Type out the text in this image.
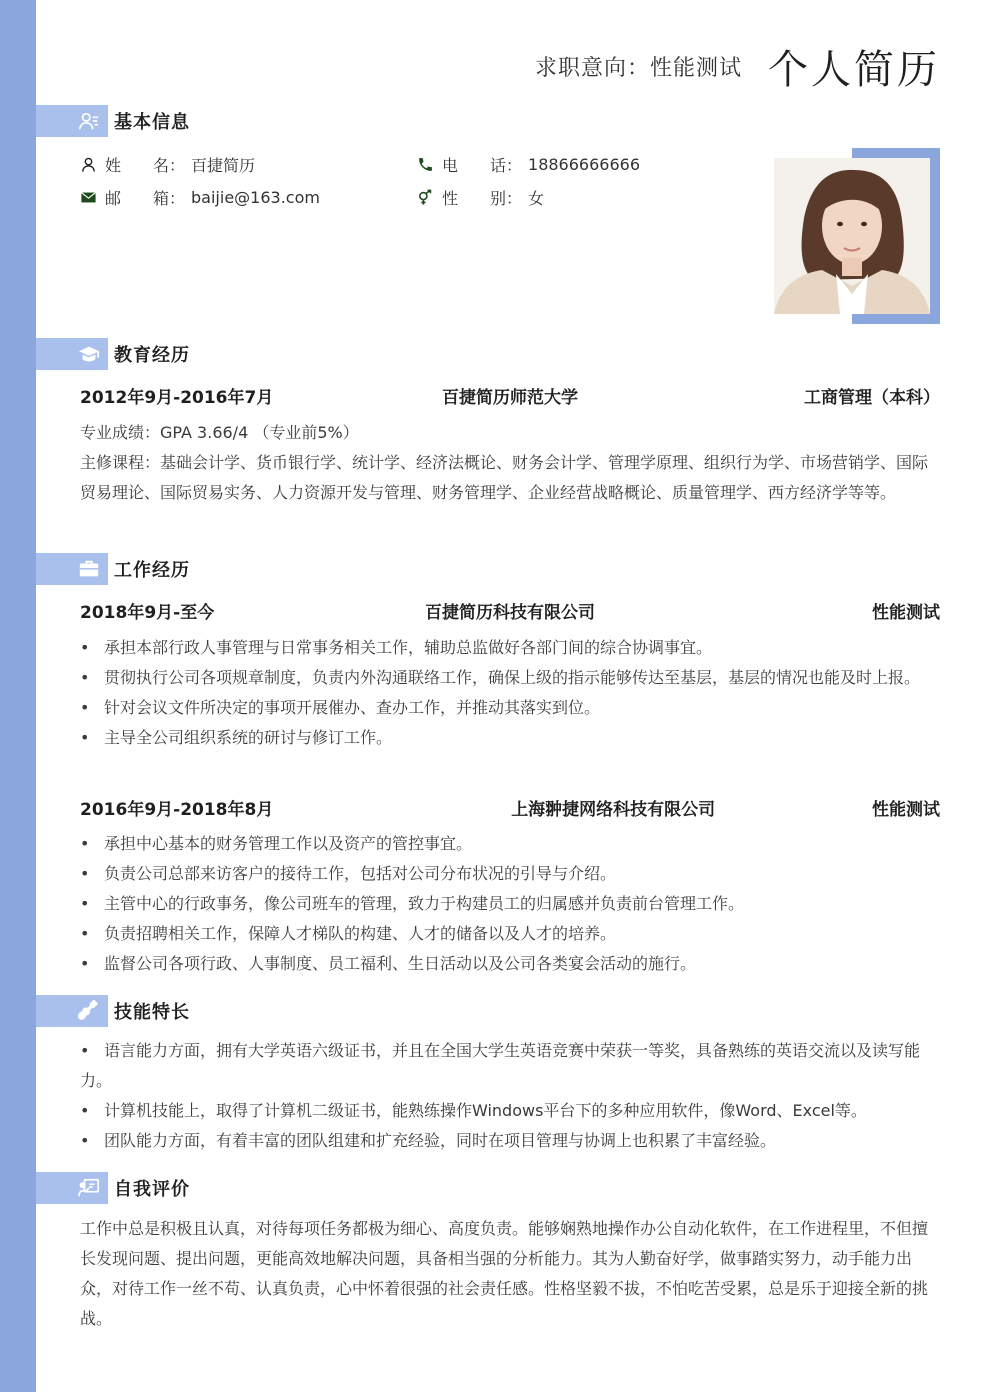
求职意向：性能测试 个人简历
基本信息
姓　　名 ： 百捷简历	电　　话 ： 18866666666
邮　　箱 ： baijie@163.com	性　　别 ： 女
教育经历
2012年9月-2016年7月	百捷简历师范大学	工商管理（本科）
专业成绩：GPA 3.66/4 （专业前5%）
主修课程：基础会计学、货币银行学、统计学、经济法概论、财务会计学、管理学原理、组织行为学、市场营销学、国际贸易理论、国际贸易实务、人力资源开发与管理、财务管理学、企业经营战略概论、质量管理学、西方经济学等等。
工作经历
2018年9月-至今	百捷简历科技有限公司	性能测试
• 承担本部行政人事管理与日常事务相关工作，辅助总监做好各部门间的综合协调事宜。
• 贯彻执行公司各项规章制度，负责内外沟通联络工作，确保上级的指示能够传达至基层，基层的情况也能及时上报。
• 针对会议文件所决定的事项开展催办、查办工作，并推动其落实到位。
• 主导全公司组织系统的研讨与修订工作。
2016年9月-2018年8月	上海翀捷网络科技有限公司	性能测试
• 承担中心基本的财务管理工作以及资产的管控事宜。
• 负责公司总部来访客户的接待工作，包括对公司分布状况的引导与介绍。
• 主管中心的行政事务，像公司班车的管理，致力于构建员工的归属感并负责前台管理工作。
• 负责招聘相关工作，保障人才梯队的构建、人才的储备以及人才的培养。
• 监督公司各项行政、人事制度、员工福利、生日活动以及公司各类宴会活动的施行。
技能特长
• 语言能力方面，拥有大学英语六级证书，并且在全国大学生英语竞赛中荣获一等奖，具备熟练的英语交流以及读写能力。
• 计算机技能上，取得了计算机二级证书，能熟练操作Windows平台下的多种应用软件，像Word、Excel等。
• 团队能力方面，有着丰富的团队组建和扩充经验，同时在项目管理与协调上也积累了丰富经验。
自我评价
工作中总是积极且认真，对待每项任务都极为细心、高度负责。能够娴熟地操作办公自动化软件，在工作进程里，不但擅长发现问题、提出问题，更能高效地解决问题，具备相当强的分析能力。其为人勤奋好学，做事踏实努力，动手能力出众，对待工作一丝不苟、认真负责，心中怀着很强的社会责任感。性格坚毅不拔，不怕吃苦受累，总是乐于迎接全新的挑战。
